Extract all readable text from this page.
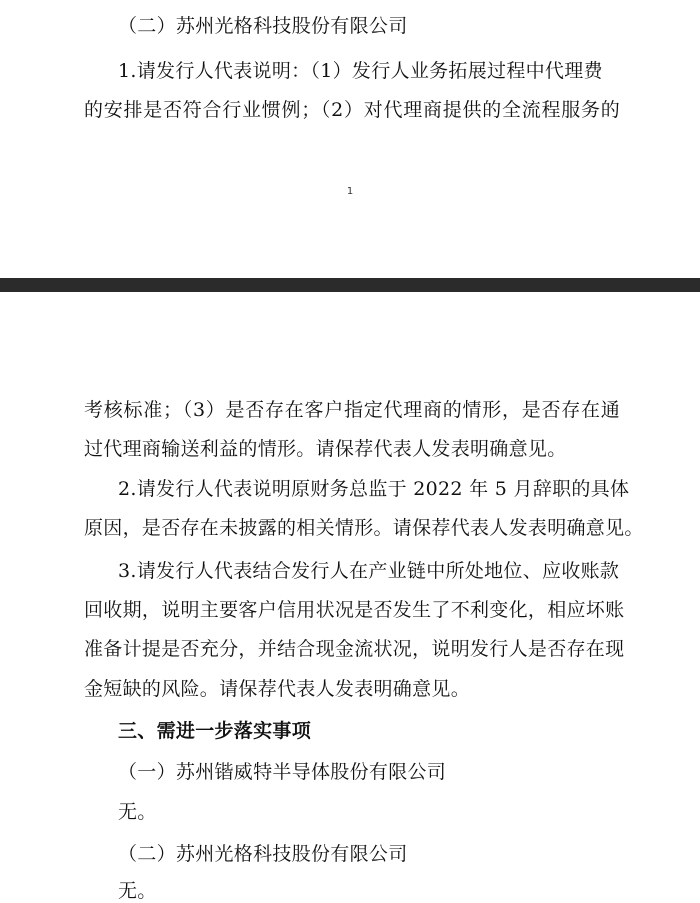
（二）苏州光格科技股份有限公司
1.请发行人代表说明：（1）发行人业务拓展过程中代理费
的安排是否符合行业惯例；（2）对代理商提供的全流程服务的
1
考核标准；（3）是否存在客户指定代理商的情形，是否存在通
过代理商输送利益的情形。请保荐代表人发表明确意见。
2.请发行人代表说明原财务总监于 2022 年 5 月辞职的具体
原因，是否存在未披露的相关情形。请保荐代表人发表明确意见。
3.请发行人代表结合发行人在产业链中所处地位、应收账款
回收期，说明主要客户信用状况是否发生了不利变化，相应坏账
准备计提是否充分，并结合现金流状况，说明发行人是否存在现
金短缺的风险。请保荐代表人发表明确意见。
三、需进一步落实事项
（一）苏州锴威特半导体股份有限公司
无。
（二）苏州光格科技股份有限公司
无。
